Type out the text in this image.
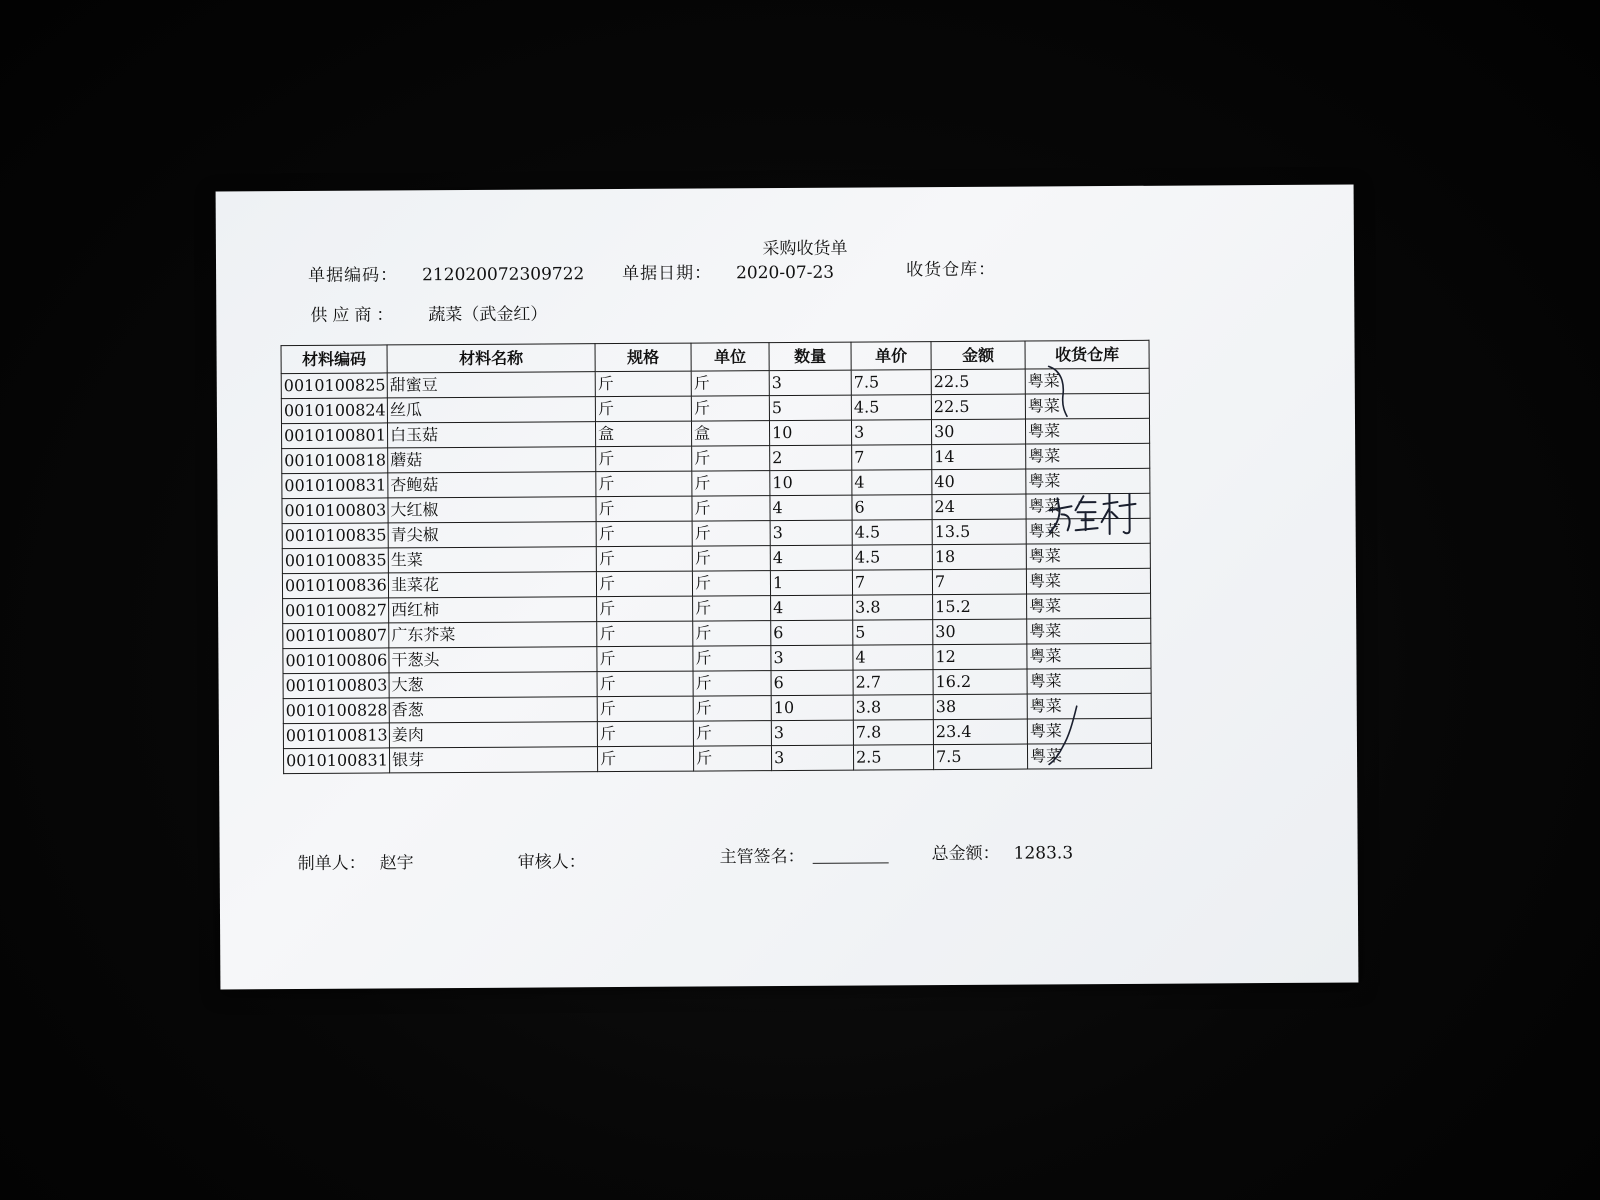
采购收货单
单据编码： 212020072309722 单据日期： 2020-07-23	收货仓库：
供应商： 蔬菜（武金红）
材料编码	材料名称	规格	单位	数量	单价	金额	收货仓库
0010100825	甜蜜豆	斤	斤	3	7.5	22.5	粤菜
0010100824	丝瓜	斤	斤	5	4.5	22.5	粤菜
0010100801	白玉菇	盒	盒	10	3	30	粤菜
0010100818	蘑菇	斤	斤	2	7	14	粤菜
0010100831	杏鲍菇	斤	斤	10	4	40	粤菜
0010100803	大红椒	斤	斤	4	6	24	粤菜
0010100835	青尖椒	斤	斤	3	4.5	13.5	粤菜
0010100835	生菜	斤	斤	4	4.5	18	粤菜
0010100836	韭菜花	斤	斤	1	7	7	粤菜
0010100827	西红柿	斤	斤	4	3.8	15.2	粤菜
0010100807	广东芥菜	斤	斤	6	5	30	粤菜
0010100806	干葱头	斤	斤	3	4	12	粤菜
0010100803	大葱	斤	斤	6	2.7	16.2	粤菜
0010100828	香葱	斤	斤	10	3.8	38	粤菜
0010100813	姜肉	斤	斤	3	7.8	23.4	粤菜
0010100831	银芽	斤	斤	3	2.5	7.5	粤菜
制单人： 赵宇	审核人：	主管签名：	总金额： 1283.3
